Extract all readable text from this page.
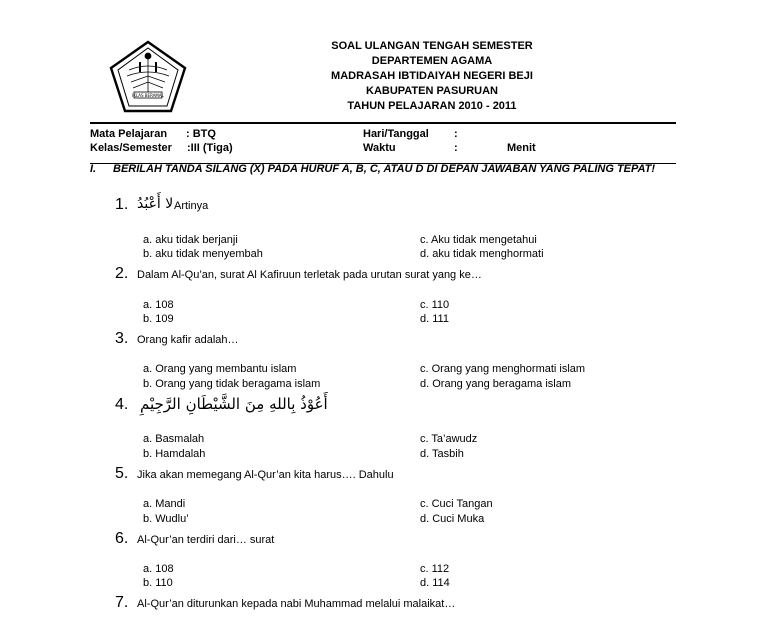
IKLAS BERAMAL
SOAL ULANGAN TENGAH SEMESTER
DEPARTEMEN AGAMA
MADRASAH IBTIDAIYAH NEGERI BEJI
KABUPATEN PASURUAN
TAHUN PELAJARAN 2010 - 2011
Mata Pelajaran : BTQ
Kelas/Semester :III (Tiga)
Hari/Tanggal :
Waktu	:	Menit
I. BERILAH TANDA SILANG (X) PADA HURUF A, B, C, ATAU D DI DEPAN JAWABAN YANG PALING TEPAT!
1. لا أَعْبُدُ Artinya
a. aku tidak berjanji
b. aku tidak menyembah
c. Aku tidak mengetahui
d. aku tidak menghormati
2. Dalam Al-Qu’an, surat Al Kafiruun terletak pada urutan surat yang ke…
a. 108
b. 109
c. 110
d. 111
3. Orang kafir adalah…
a. Orang yang membantu islam
b. Orang yang tidak beragama islam
c. Orang yang menghormati islam
d. Orang yang beragama islam
4. أَعُوْذُ بِاللهِ مِنَ الشَّيْطَانِ الرَّجِيْمِ
a. Basmalah
b. Hamdalah
c. Ta’awudz
d. Tasbih
5. Jika akan memegang Al-Qur’an kita harus…. Dahulu
a. Mandi
b. Wudlu’
c. Cuci Tangan
d. Cuci Muka
6. Al-Qur’an terdiri dari… surat
a. 108
b. 110
c. 112
d. 114
7. Al-Qur’an diturunkan kepada nabi Muhammad melalui malaikat…
